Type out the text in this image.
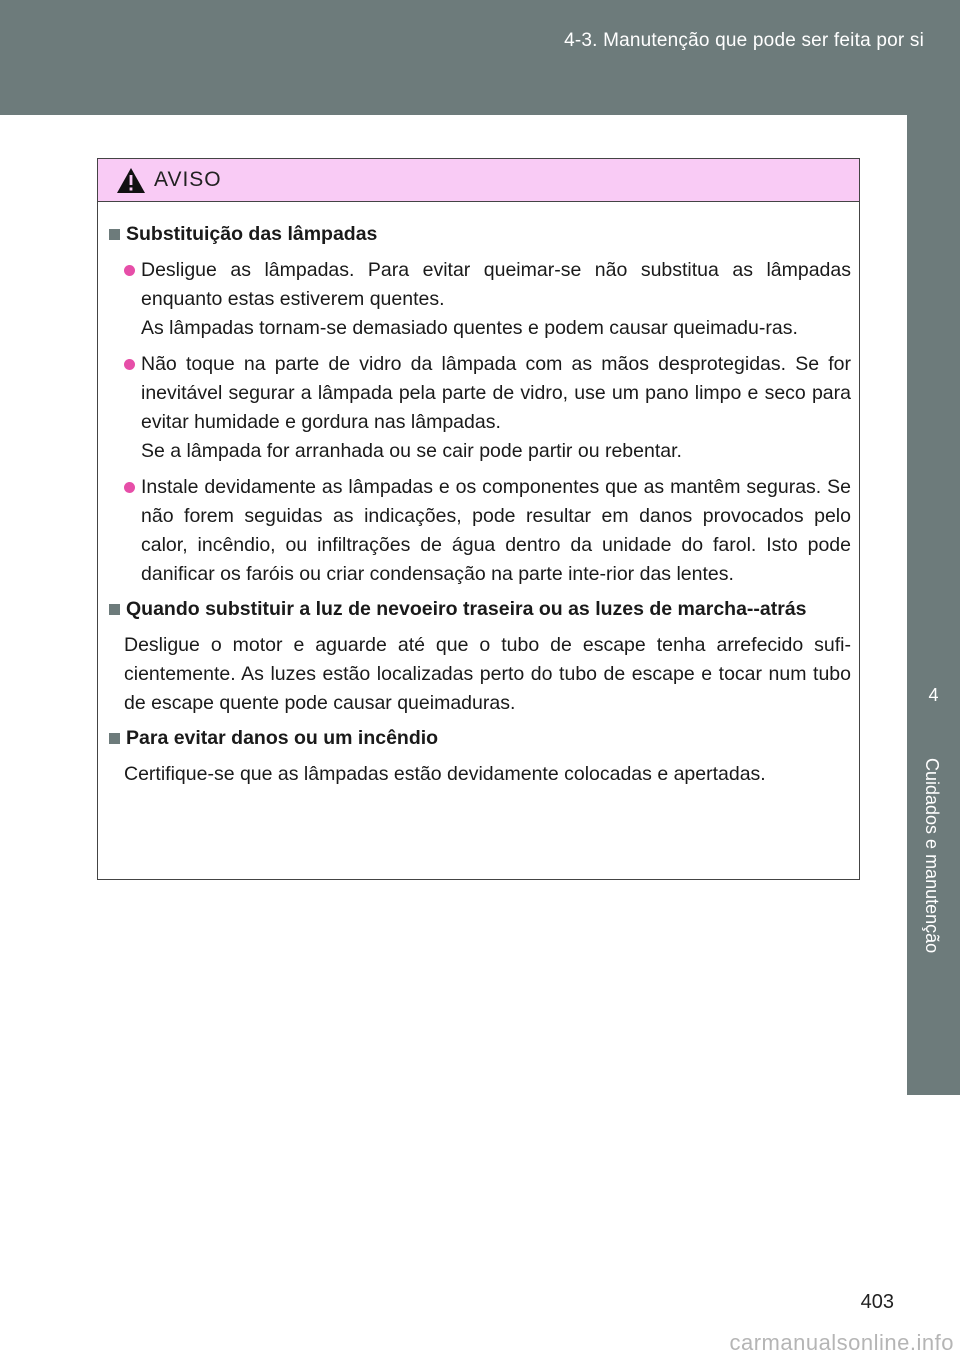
4-3. Manutenção que pode ser feita por si
4
Cuidados e manutenção
AVISO
Substituição das lâmpadas
Desligue as lâmpadas. Para evitar queimar-se não substitua as lâmpadas enquanto estas estiverem quentes.
As lâmpadas tornam-se demasiado quentes e podem causar queimadu-ras.
Não toque na parte de vidro da lâmpada com as mãos desprotegidas. Se for inevitável segurar a lâmpada pela parte de vidro, use um pano limpo e seco para evitar humidade e gordura nas lâmpadas.
Se a lâmpada for arranhada ou se cair pode partir ou rebentar.
Instale devidamente as lâmpadas e os componentes que as mantêm seguras. Se não forem seguidas as indicações, pode resultar em danos provocados pelo calor, incêndio, ou infiltrações de água dentro da unidade do farol. Isto pode danificar os faróis ou criar condensação na parte inte-rior das lentes.
Quando substituir a luz de nevoeiro traseira ou as luzes de marcha--atrás
Desligue o motor e aguarde até que o tubo de escape tenha arrefecido sufi-cientemente. As luzes estão localizadas perto do tubo de escape e tocar num tubo de escape quente pode causar queimaduras.
Para evitar danos ou um incêndio
Certifique-se que as lâmpadas estão devidamente colocadas e apertadas.
403
carmanualsonline.info
